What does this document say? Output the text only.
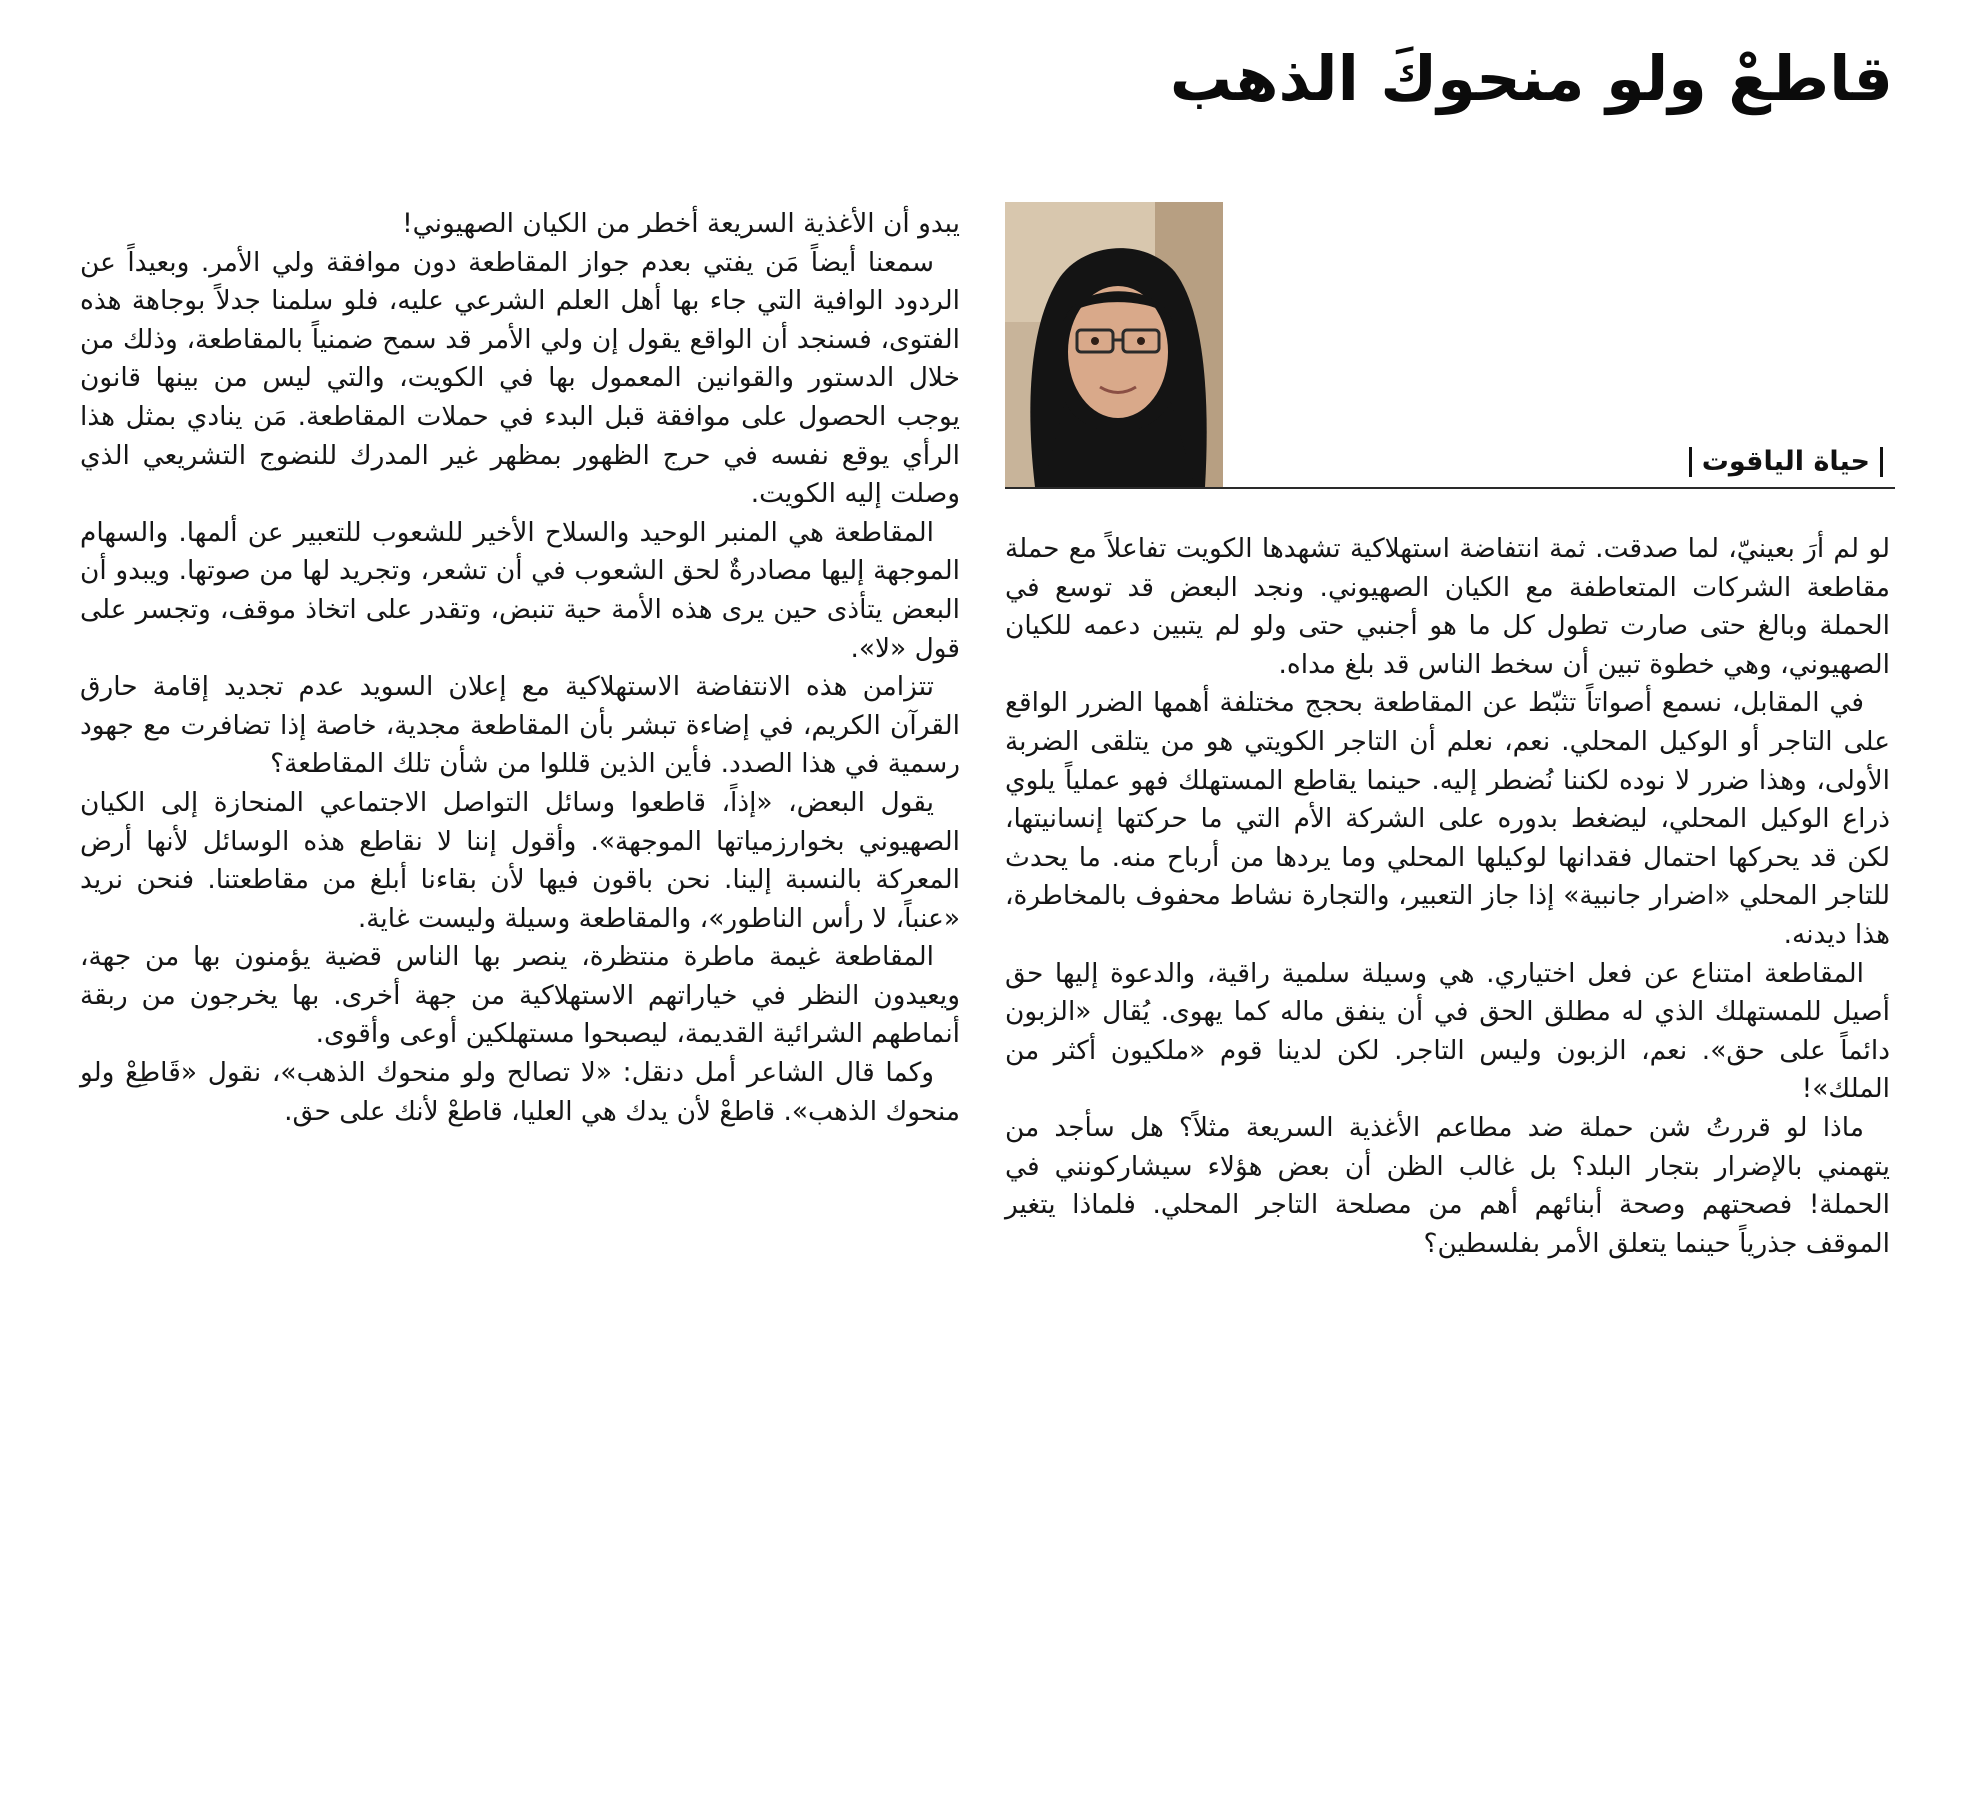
قاطعْ ولو منحوكَ الذهب
حياة الياقوت

لو لم أرَ بعينيّ، لما صدقت. ثمة انتفاضة استهلاكية تشهدها الكويت تفاعلاً مع حملة مقاطعة الشركات المتعاطفة مع الكيان الصهيوني. ونجد البعض قد توسع في الحملة وبالغ حتى صارت تطول كل ما هو أجنبي حتى ولو لم يتبين دعمه للكيان الصهيوني، وهي خطوة تبين أن سخط الناس قد بلغ مداه.

في المقابل، نسمع أصواتاً تثبّط عن المقاطعة بحجج مختلفة أهمها الضرر الواقع على التاجر أو الوكيل المحلي. نعم، نعلم أن التاجر الكويتي هو من يتلقى الضربة الأولى، وهذا ضرر لا نوده لكننا نُضطر إليه. حينما يقاطع المستهلك فهو عملياً يلوي ذراع الوكيل المحلي، ليضغط بدوره على الشركة الأم التي ما حركتها إنسانيتها، لكن قد يحركها احتمال فقدانها لوكيلها المحلي وما يردها من أرباح منه. ما يحدث للتاجر المحلي «اضرار جانبية» إذا جاز التعبير، والتجارة نشاط محفوف بالمخاطرة، هذا ديدنه.

المقاطعة امتناع عن فعل اختياري. هي وسيلة سلمية راقية، والدعوة إليها حق أصيل للمستهلك الذي له مطلق الحق في أن ينفق ماله كما يهوى. يُقال «الزبون دائماً على حق». نعم، الزبون وليس التاجر. لكن لدينا قوم «ملكيون أكثر من الملك»!

ماذا لو قررتُ شن حملة ضد مطاعم الأغذية السريعة مثلاً؟ هل سأجد من يتهمني بالإضرار بتجار البلد؟ بل غالب الظن أن بعض هؤلاء سيشاركونني في الحملة! فصحتهم وصحة أبنائهم أهم من مصلحة التاجر المحلي. فلماذا يتغير الموقف جذرياً حينما يتعلق الأمر بفلسطين؟

يبدو أن الأغذية السريعة أخطر من الكيان الصهيوني!

سمعنا أيضاً مَن يفتي بعدم جواز المقاطعة دون موافقة ولي الأمر. وبعيداً عن الردود الوافية التي جاء بها أهل العلم الشرعي عليه، فلو سلمنا جدلاً بوجاهة هذه الفتوى، فسنجد أن الواقع يقول إن ولي الأمر قد سمح ضمنياً بالمقاطعة، وذلك من خلال الدستور والقوانين المعمول بها في الكويت، والتي ليس من بينها قانون يوجب الحصول على موافقة قبل البدء في حملات المقاطعة. مَن ينادي بمثل هذا الرأي يوقع نفسه في حرج الظهور بمظهر غير المدرك للنضوج التشريعي الذي وصلت إليه الكويت.

المقاطعة هي المنبر الوحيد والسلاح الأخير للشعوب للتعبير عن ألمها. والسهام الموجهة إليها مصادرةٌ لحق الشعوب في أن تشعر، وتجريد لها من صوتها. ويبدو أن البعض يتأذى حين يرى هذه الأمة حية تنبض، وتقدر على اتخاذ موقف، وتجسر على قول «لا».

تتزامن هذه الانتفاضة الاستهلاكية مع إعلان السويد عدم تجديد إقامة حارق القرآن الكريم، في إضاءة تبشر بأن المقاطعة مجدية، خاصة إذا تضافرت مع جهود رسمية في هذا الصدد. فأين الذين قللوا من شأن تلك المقاطعة؟

يقول البعض، «إذاً، قاطعوا وسائل التواصل الاجتماعي المنحازة إلى الكيان الصهيوني بخوارزمياتها الموجهة». وأقول إننا لا نقاطع هذه الوسائل لأنها أرض المعركة بالنسبة إلينا. نحن باقون فيها لأن بقاءنا أبلغ من مقاطعتنا. فنحن نريد «عنباً، لا رأس الناطور»، والمقاطعة وسيلة وليست غاية.

المقاطعة غيمة ماطرة منتظرة، ينصر بها الناس قضية يؤمنون بها من جهة، ويعيدون النظر في خياراتهم الاستهلاكية من جهة أخرى. بها يخرجون من ربقة أنماطهم الشرائية القديمة، ليصبحوا مستهلكين أوعى وأقوى.

وكما قال الشاعر أمل دنقل: «لا تصالح ولو منحوك الذهب»، نقول «قَاطِعْ ولو منحوك الذهب». قاطعْ لأن يدك هي العليا، قاطعْ لأنك على حق.
